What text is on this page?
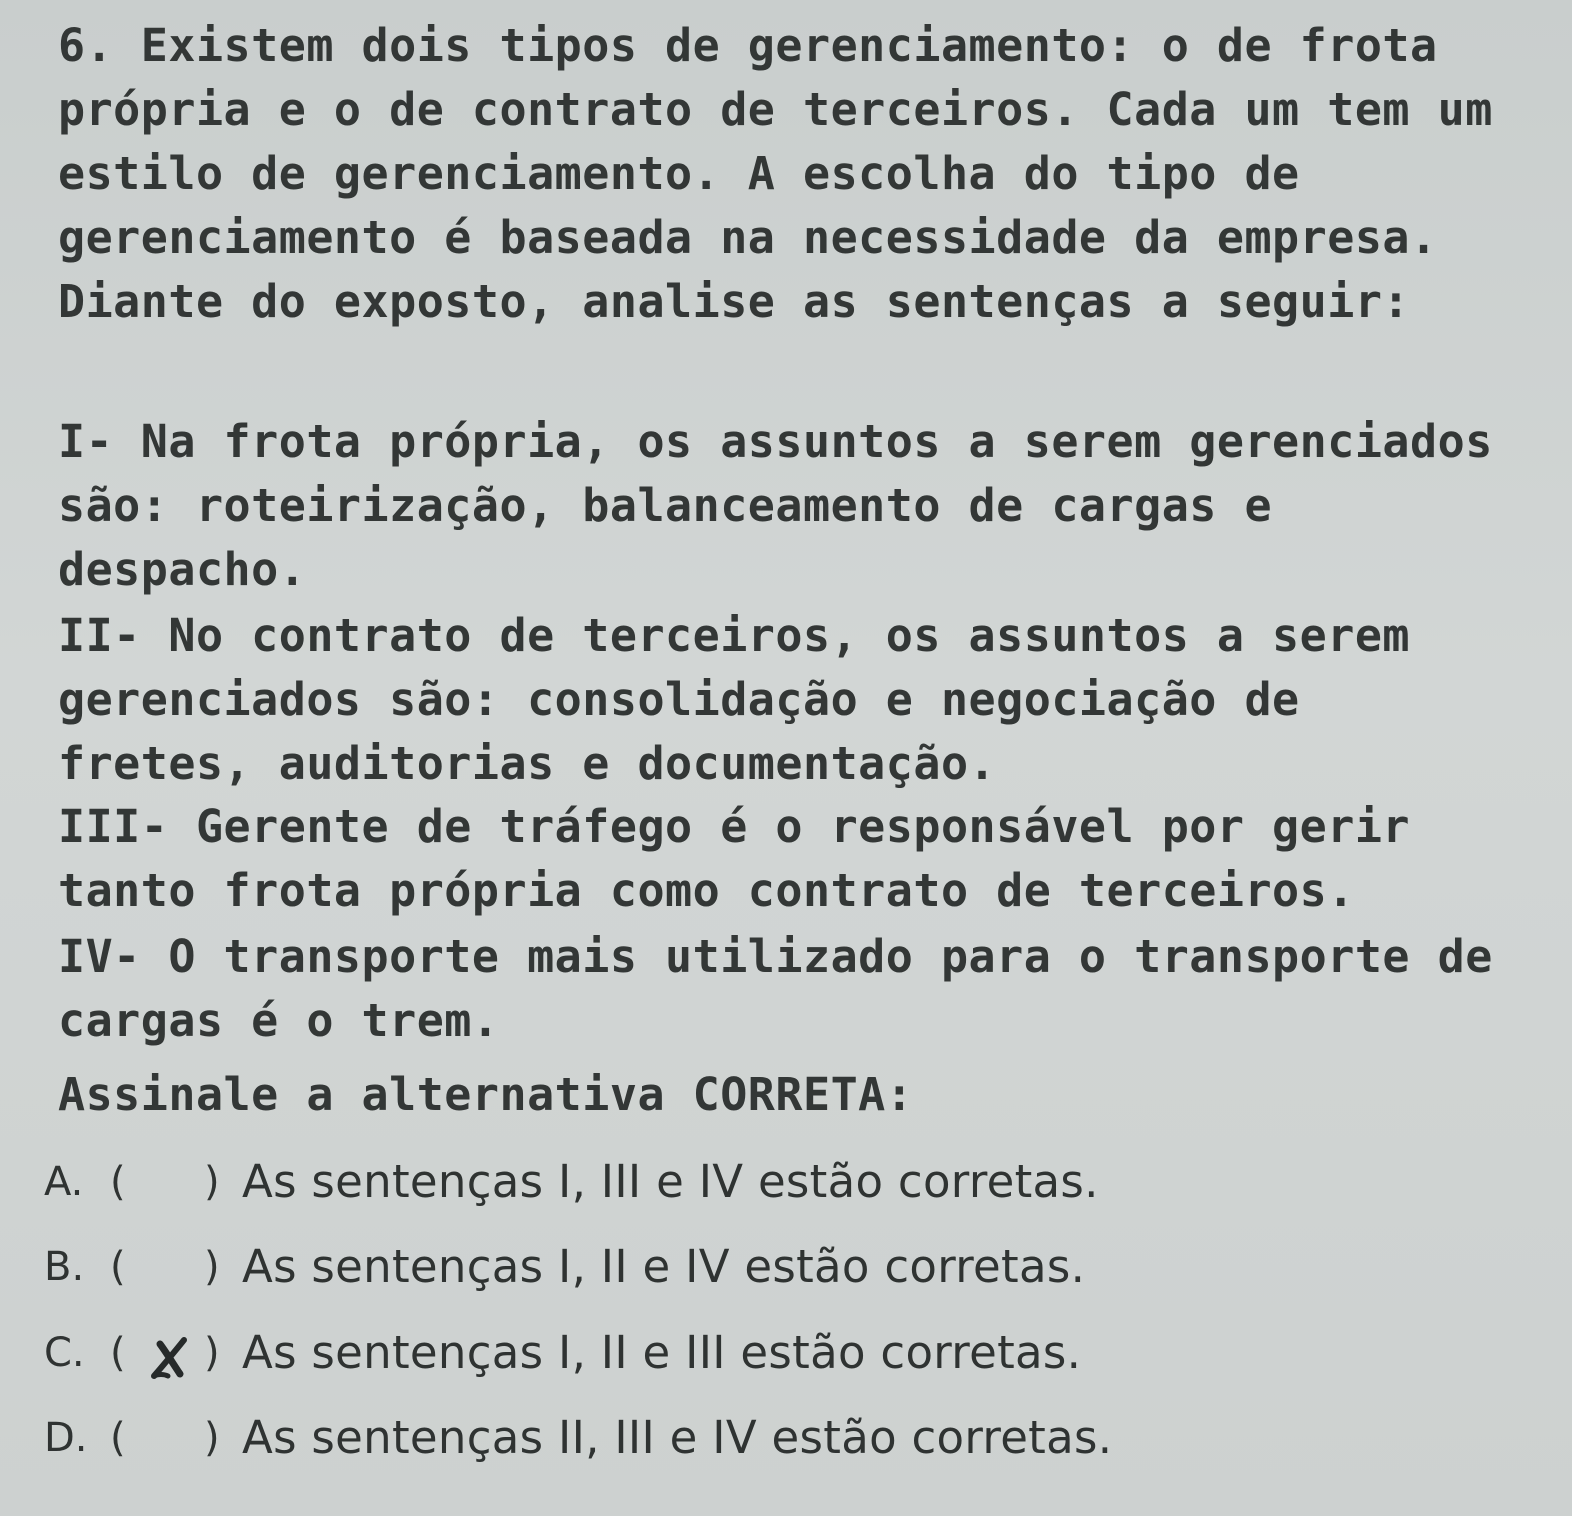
6. Existem dois tipos de gerenciamento: o de frota própria e o de contrato de terceiros. Cada um tem um estilo de gerenciamento. A escolha do tipo de gerenciamento é baseada na necessidade da empresa. Diante do exposto, analise as sentenças a seguir:

I- Na frota própria, os assuntos a serem gerenciados são: roteirização, balanceamento de cargas e despacho.

II- No contrato de terceiros, os assuntos a serem gerenciados são: consolidação e negociação de fretes, auditorias e documentação.

III- Gerente de tráfego é o responsável por gerir tanto frota própria como contrato de terceiros.

IV- O transporte mais utilizado para o transporte de cargas é o trem.

Assinale a alternativa CORRETA:

A. ( ) As sentenças I, III e IV estão corretas.
B. ( ) As sentenças I, II e IV estão corretas.
C. ( ) As sentenças I, II e III estão corretas.
D. ( ) As sentenças II, III e IV estão corretas.
